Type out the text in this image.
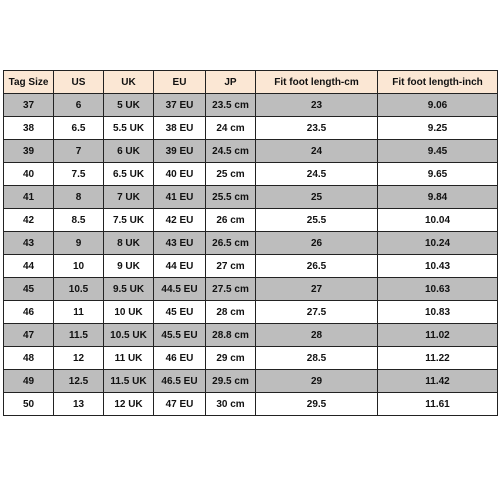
Tag Size	US	UK	EU	JP	Fit foot length-cm	Fit foot length-inch
37	6	5 UK	37 EU	23.5 cm	23	9.06
38	6.5	5.5 UK	38 EU	24 cm	23.5	9.25
39	7	6 UK	39 EU	24.5 cm	24	9.45
40	7.5	6.5 UK	40 EU	25 cm	24.5	9.65
41	8	7 UK	41 EU	25.5 cm	25	9.84
42	8.5	7.5 UK	42 EU	26 cm	25.5	10.04
43	9	8 UK	43 EU	26.5 cm	26	10.24
44	10	9 UK	44 EU	27 cm	26.5	10.43
45	10.5	9.5 UK	44.5 EU	27.5 cm	27	10.63
46	11	10 UK	45 EU	28 cm	27.5	10.83
47	11.5	10.5 UK	45.5 EU	28.8 cm	28	11.02
48	12	11 UK	46 EU	29 cm	28.5	11.22
49	12.5	11.5 UK	46.5 EU	29.5 cm	29	11.42
50	13	12 UK	47 EU	30 cm	29.5	11.61
